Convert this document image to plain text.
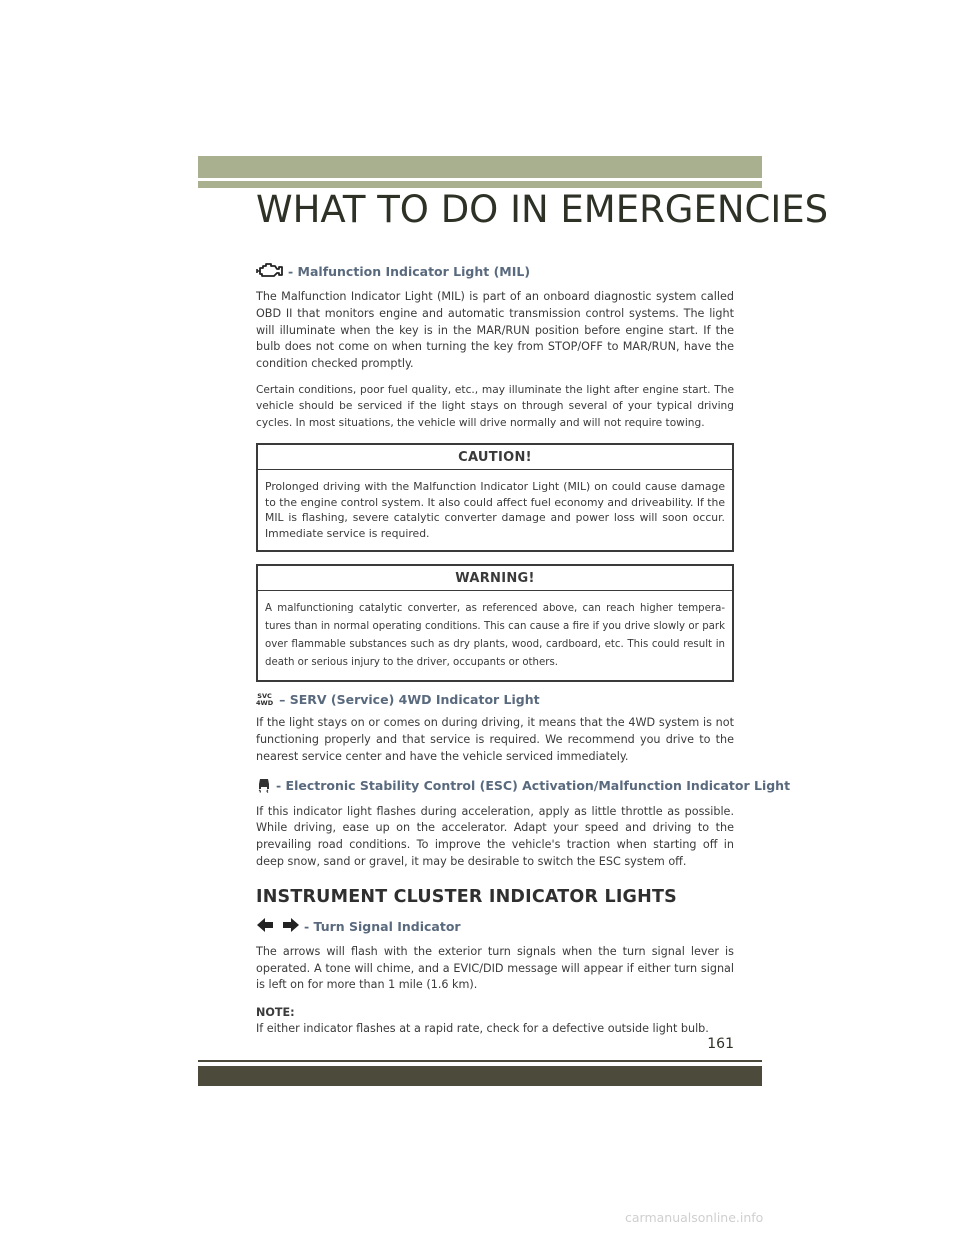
WHAT TO DO IN EMERGENCIES
- Malfunction Indicator Light (MIL)

The Malfunction Indicator Light (MIL) is part of an onboard diagnostic system called OBD II that monitors engine and automatic transmission control systems. The light will illuminate when the key is in the MAR/RUN position before engine start. If the bulb does not come on when turning the key from STOP/OFF to MAR/RUN, have the condition checked promptly.

Certain conditions, poor fuel quality, etc., may illuminate the light after engine start. The vehicle should be serviced if the light stays on through several of your typical driving cycles. In most situations, the vehicle will drive normally and will not require towing.

CAUTION!

Prolonged driving with the Malfunction Indicator Light (MIL) on could cause damage to the engine control system. It also could affect fuel economy and driveability. If the MIL is flashing, severe catalytic converter damage and power loss will soon occur. Immediate service is required.

WARNING!

A malfunctioning catalytic converter, as referenced above, can reach higher tempera-tures than in normal operating conditions. This can cause a fire if you drive slowly or park over flammable substances such as dry plants, wood, cardboard, etc. This could result in death or serious injury to the driver, occupants or others.

SVC
4WD – SERV (Service) 4WD Indicator Light

If the light stays on or comes on during driving, it means that the 4WD system is not functioning properly and that service is required. We recommend you drive to the nearest service center and have the vehicle serviced immediately.

- Electronic Stability Control (ESC) Activation/Malfunction Indicator Light

If this indicator light flashes during acceleration, apply as little throttle as possible. While driving, ease up on the accelerator. Adapt your speed and driving to the prevailing road conditions. To improve the vehicle's traction when starting off in deep snow, sand or gravel, it may be desirable to switch the ESC system off.

INSTRUMENT CLUSTER INDICATOR LIGHTS
- Turn Signal Indicator

The arrows will flash with the exterior turn signals when the turn signal lever is operated. A tone will chime, and a EVIC/DID message will appear if either turn signal is left on for more than 1 mile (1.6 km).

NOTE:

If either indicator flashes at a rapid rate, check for a defective outside light bulb.

161

carmanualsonline.info
